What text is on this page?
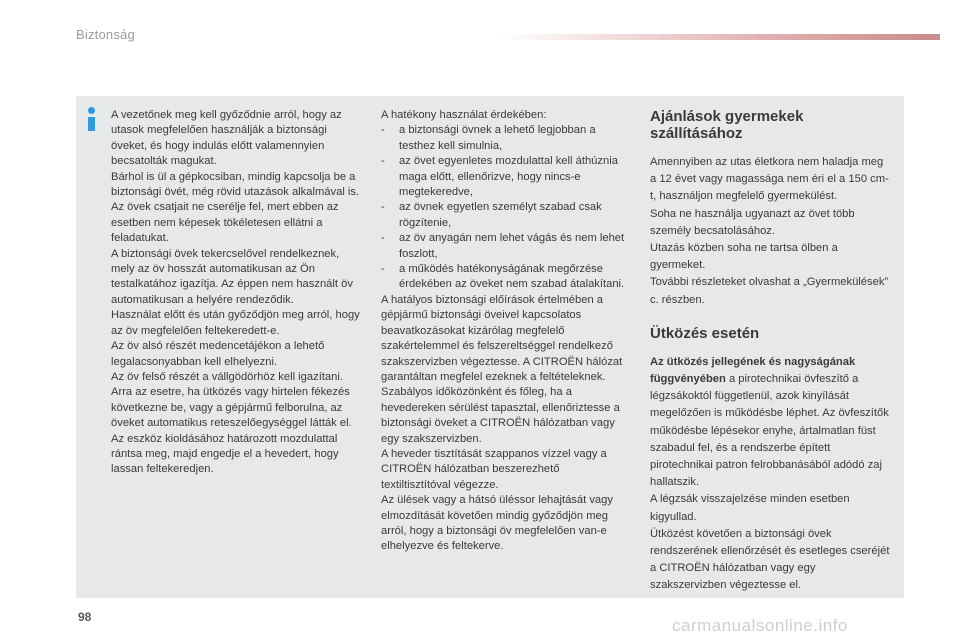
Biztonság

A vezetőnek meg kell győződnie arról, hogy az utasok megfelelően használják a biztonsági öveket, és hogy indulás előtt valamennyien becsatolták magukat.

Bárhol is ül a gépkocsiban, mindig kapcsolja be a biztonsági övét, még rövid utazások alkalmával is.

Az övek csatjait ne cserélje fel, mert ebben az esetben nem képesek tökéletesen ellátni a feladatukat.

A biztonsági övek tekercselővel rendelkeznek, mely az öv hosszát automatikusan az Ön testalkatához igazítja. Az éppen nem használt öv automatikusan a helyére rendeződik.

Használat előtt és után győződjön meg arról, hogy az öv megfelelően feltekeredett-e.

Az öv alsó részét medencetájékon a lehető legalacsonyabban kell elhelyezni.

Az öv felső részét a vállgödörhöz kell igazítani.

Arra az esetre, ha ütközés vagy hirtelen fékezés következne be, vagy a gépjármű felborulna, az öveket automatikus reteszelőegységgel látták el. Az eszköz kioldásához határozott mozdulattal rántsa meg, majd engedje el a hevedert, hogy lassan feltekeredjen.

A hatékony használat érdekében:

-	a biztonsági övnek a lehető legjobban a testhez kell simulnia,
-	az övet egyenletes mozdulattal kell áthúznia maga előtt, ellenőrizve, hogy nincs-e megtekeredve,
-	az övnek egyetlen személyt szabad csak rögzítenie,
-	az öv anyagán nem lehet vágás és nem lehet foszlott,
-	a működés hatékonyságának megőrzése érdekében az öveket nem szabad átalakítani.

A hatályos biztonsági előírások értelmében a gépjármű biztonsági öveivel kapcsolatos beavatkozásokat kizárólag megfelelő szakértelemmel és felszereltséggel rendelkező szakszervizben végeztesse. A CITROËN hálózat garantáltan megfelel ezeknek a feltételeknek.

Szabályos időközönként és főleg, ha a hevedereken sérülést tapasztal, ellenőriztesse a biztonsági öveket a CITROËN hálózatban vagy egy szakszervizben.

A heveder tisztítását szappanos vízzel vagy a CITROËN hálózatban beszerezhető textiltisztítóval végezze.

Az ülések vagy a hátsó üléssor lehajtását vagy elmozdítását követően mindig győződjön meg arról, hogy a biztonsági öv megfelelően van-e elhelyezve és feltekerve.

Ajánlások gyermekek szállításához

Amennyiben az utas életkora nem haladja meg a 12 évet vagy magassága nem éri el a 150 cm-t, használjon megfelelő gyermekülést.

Soha ne használja ugyanazt az övet több személy becsatolásához.

Utazás közben soha ne tartsa ölben a gyermeket.

További részleteket olvashat a „Gyermekülések” c. részben.

Ütközés esetén

Az ütközés jellegének és nagyságának függvényében a pirotechnikai övfeszítő a légzsákoktól függetlenül, azok kinyílását megelőzően is működésbe léphet. Az övfeszítők működésbe lépésekor enyhe, ártalmatlan füst szabadul fel, és a rendszerbe épített pirotechnikai patron felrobbanásából adódó zaj hallatszik.

A légzsák visszajelzése minden esetben kigyullad.

Ütközést követően a biztonsági övek rendszerének ellenőrzését és esetleges cseréjét a CITROËN hálózatban vagy egy szakszervizben végeztesse el.

98	carmanualsonline.info
